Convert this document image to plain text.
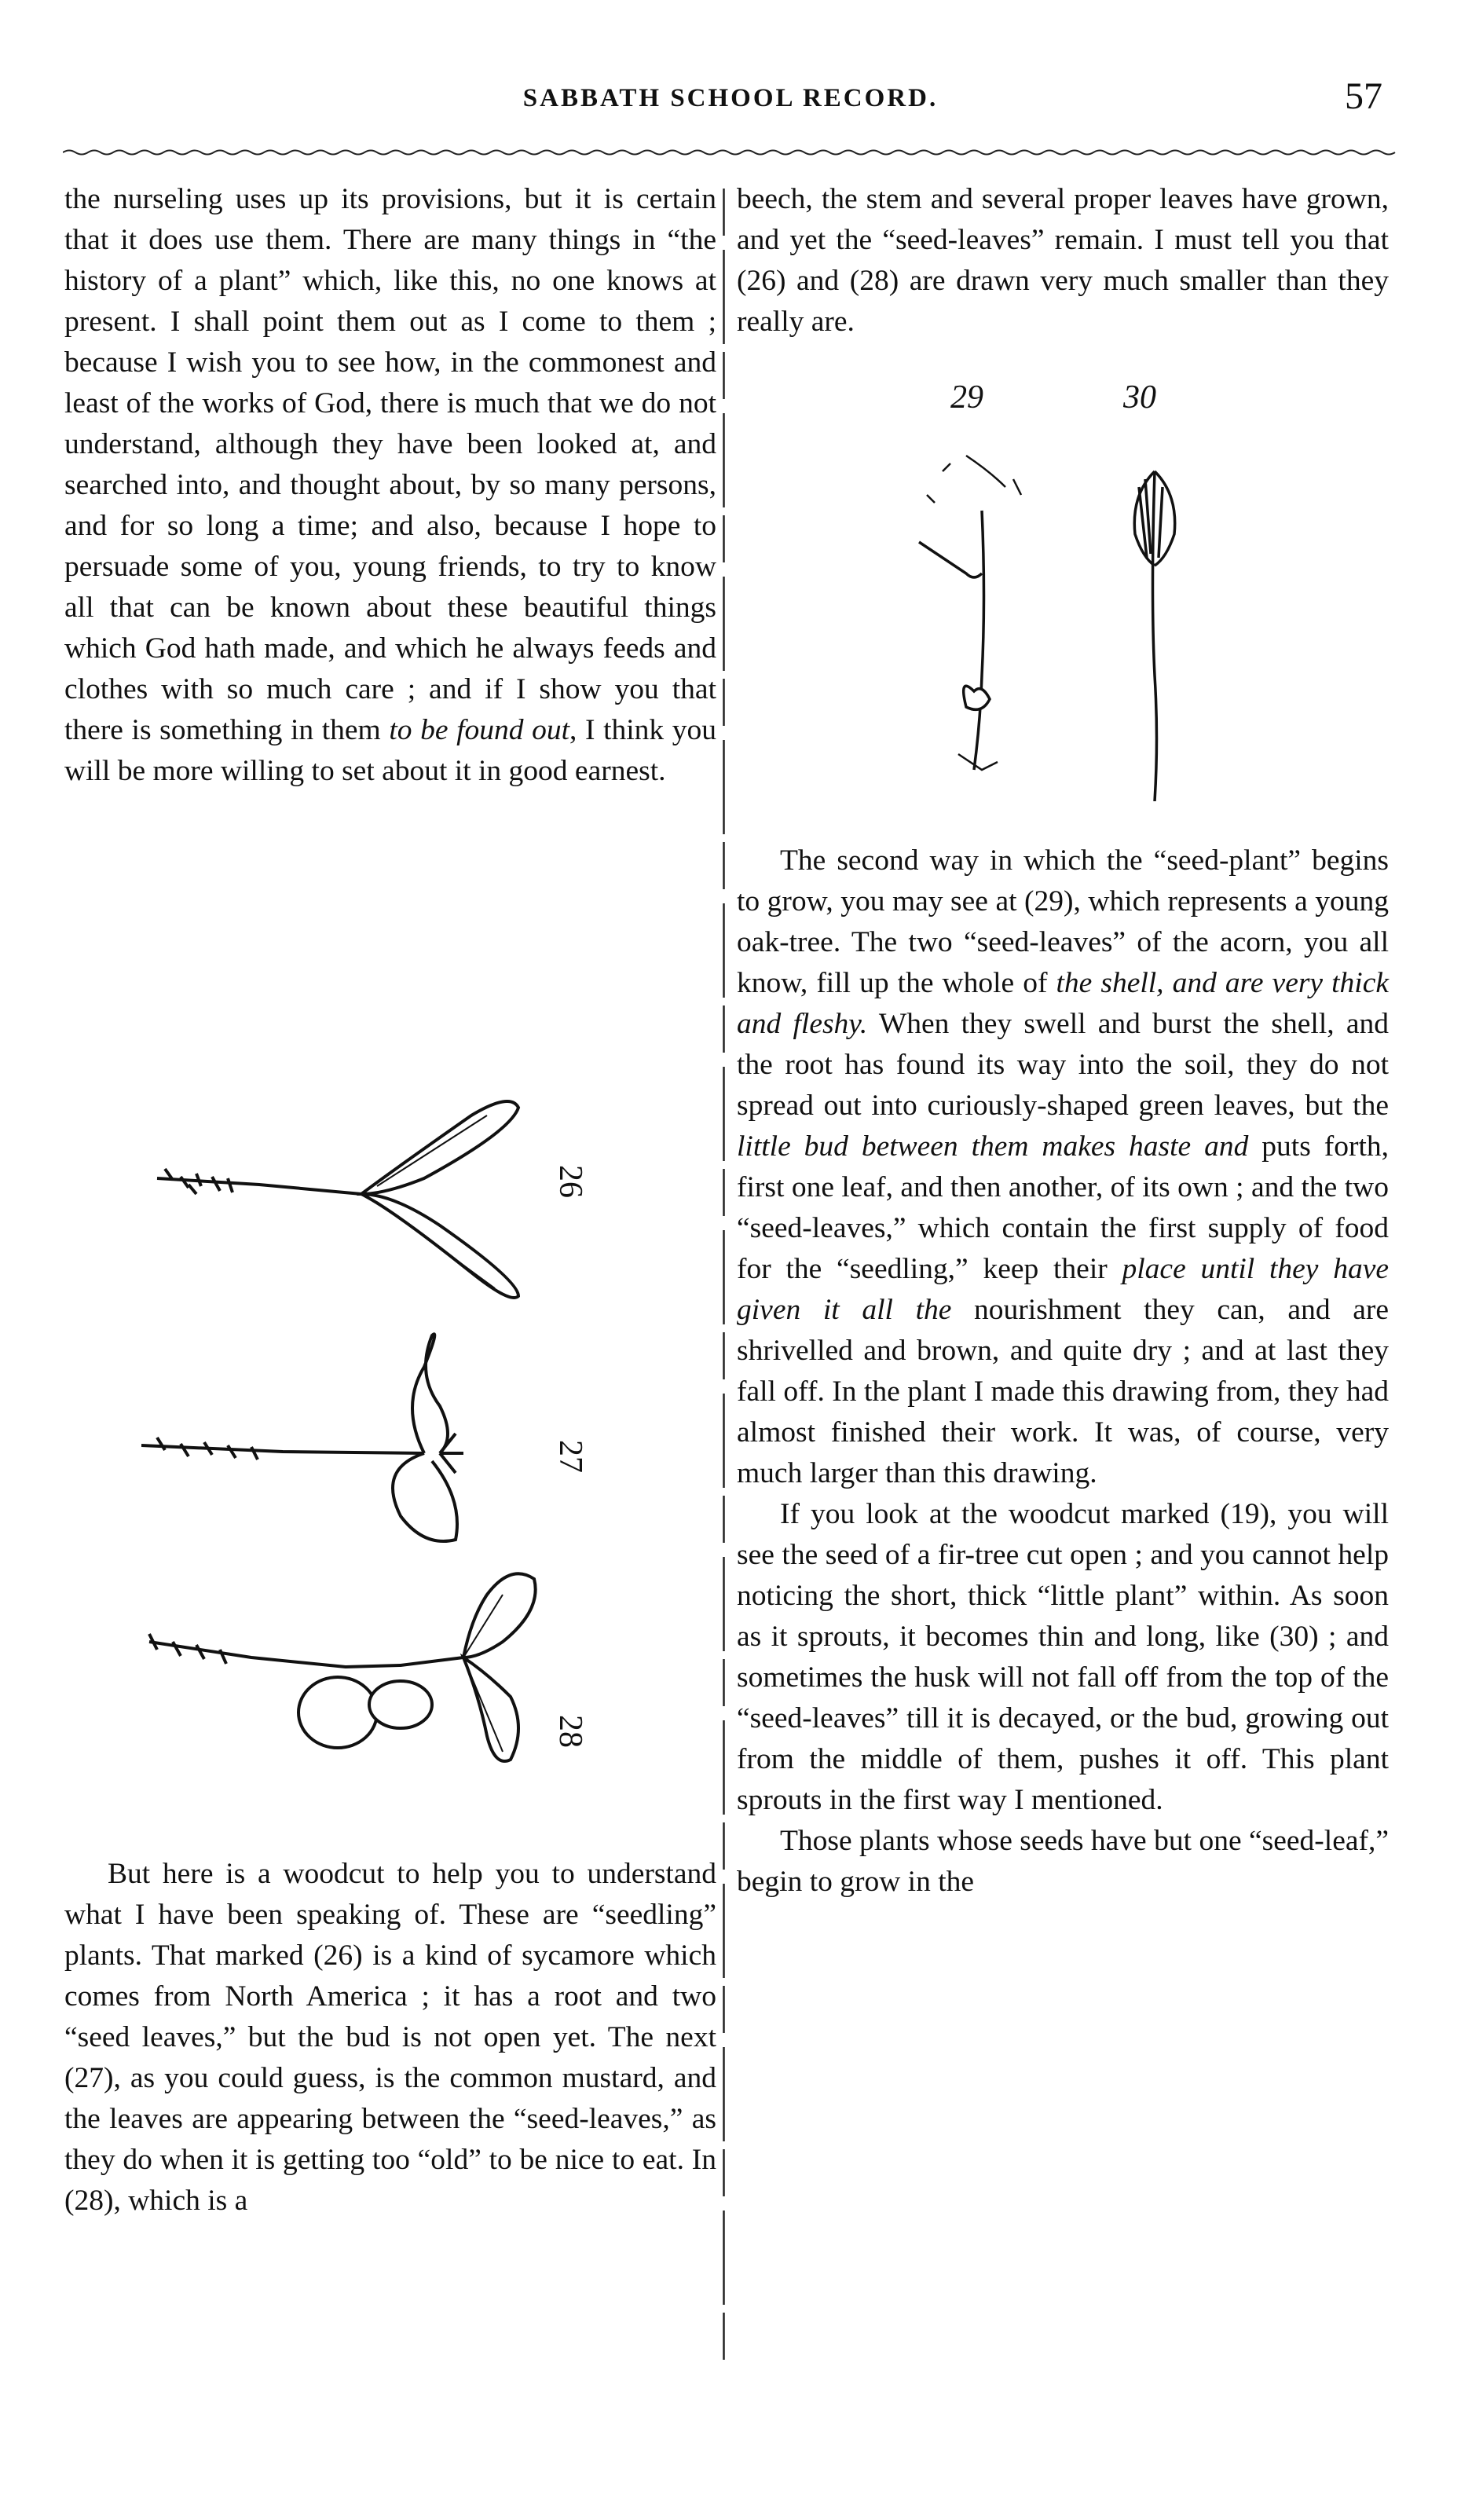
SABBATH SCHOOL RECORD.	57

the nurseling uses up its provisions, but it is certain that it does use them. There are many things in “the history of a plant” which, like this, no one knows at present. I shall point them out as I come to them ; because I wish you to see how, in the commonest and least of the works of God, there is much that we do not understand, although they have been looked at, and searched into, and thought about, by so many persons, and for so long a time; and also, because I hope to persuade some of you, young friends, to try to know all that can be known about these beautiful things which God hath made, and which he always feeds and clothes with so much care ; and if I show you that there is something in them to be found out, I think you will be more willing to set about it in good earnest.

26
27
28

But here is a woodcut to help you to understand what I have been speaking of. These are “seedling” plants. That marked (26) is a kind of sycamore which comes from North America ; it has a root and two “seed leaves,” but the bud is not open yet. The next (27), as you could guess, is the common mustard, and the leaves are appearing between the “seed-leaves,” as they do when it is getting too “old” to be nice to eat. In (28), which is a

beech, the stem and several proper leaves have grown, and yet the “seed-leaves” remain. I must tell you that (26) and (28) are drawn very much smaller than they really are.

29	30

The second way in which the “seed-plant” begins to grow, you may see at (29), which represents a young oak-tree. The two “seed-leaves” of the acorn, you all know, fill up the whole of the shell, and are very thick and fleshy. When they swell and burst the shell, and the root has found its way into the soil, they do not spread out into curiously-shaped green leaves, but the little bud between them makes haste and puts forth, first one leaf, and then another, of its own ; and the two “seed-leaves,” which contain the first supply of food for the “seedling,” keep their place until they have given it all the nourishment they can, and are shrivelled and brown, and quite dry ; and at last they fall off. In the plant I made this drawing from, they had almost finished their work. It was, of course, very much larger than this drawing.

If you look at the woodcut marked (19), you will see the seed of a fir-tree cut open ; and you cannot help noticing the short, thick “little plant” within. As soon as it sprouts, it becomes thin and long, like (30) ; and sometimes the husk will not fall off from the top of the “seed-leaves” till it is decayed, or the bud, growing out from the middle of them, pushes it off. This plant sprouts in the first way I mentioned.

Those plants whose seeds have but one “seed-leaf,” begin to grow in the
